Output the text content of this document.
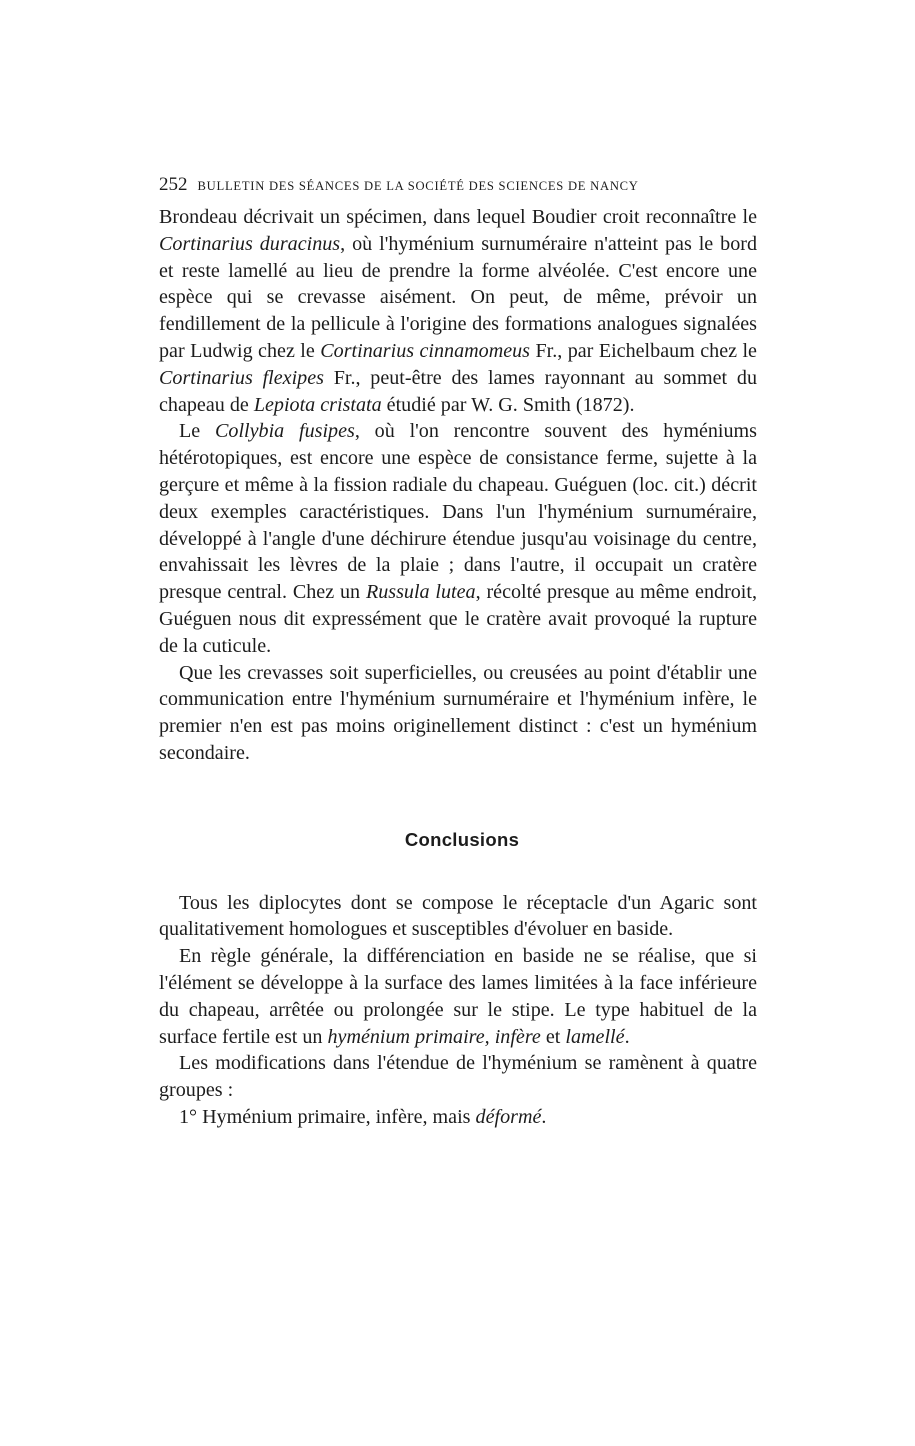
252 BULLETIN DES SÉANCES DE LA SOCIÉTÉ DES SCIENCES DE NANCY

Brondeau décrivait un spécimen, dans lequel Boudier croit reconnaître le Cortinarius duracinus, où l'hyménium surnuméraire n'atteint pas le bord et reste lamellé au lieu de prendre la forme alvéolée. C'est encore une espèce qui se crevasse aisément. On peut, de même, prévoir un fendillement de la pellicule à l'origine des formations analogues signalées par Ludwig chez le Cortinarius cinnamomeus Fr., par Eichelbaum chez le Cortinarius flexipes Fr., peut-être des lames rayonnant au sommet du chapeau de Lepiota cristata étudié par W. G. Smith (1872).

Le Collybia fusipes, où l'on rencontre souvent des hyméniums hétérotopiques, est encore une espèce de consistance ferme, sujette à la gerçure et même à la fission radiale du chapeau. Guéguen (loc. cit.) décrit deux exemples caractéristiques. Dans l'un l'hyménium surnuméraire, développé à l'angle d'une déchirure étendue jusqu'au voisinage du centre, envahissait les lèvres de la plaie ; dans l'autre, il occupait un cratère presque central. Chez un Russula lutea, récolté presque au même endroit, Guéguen nous dit expressément que le cratère avait provoqué la rupture de la cuticule.

Que les crevasses soit superficielles, ou creusées au point d'établir une communication entre l'hyménium surnuméraire et l'hyménium infère, le premier n'en est pas moins originellement distinct : c'est un hyménium secondaire.

Conclusions

Tous les diplocytes dont se compose le réceptacle d'un Agaric sont qualitativement homologues et susceptibles d'évoluer en baside.

En règle générale, la différenciation en baside ne se réalise, que si l'élément se développe à la surface des lames limitées à la face inférieure du chapeau, arrêtée ou prolongée sur le stipe. Le type habituel de la surface fertile est un hyménium primaire, infère et lamellé.

Les modifications dans l'étendue de l'hyménium se ramènent à quatre groupes :

1° Hyménium primaire, infère, mais déformé.
